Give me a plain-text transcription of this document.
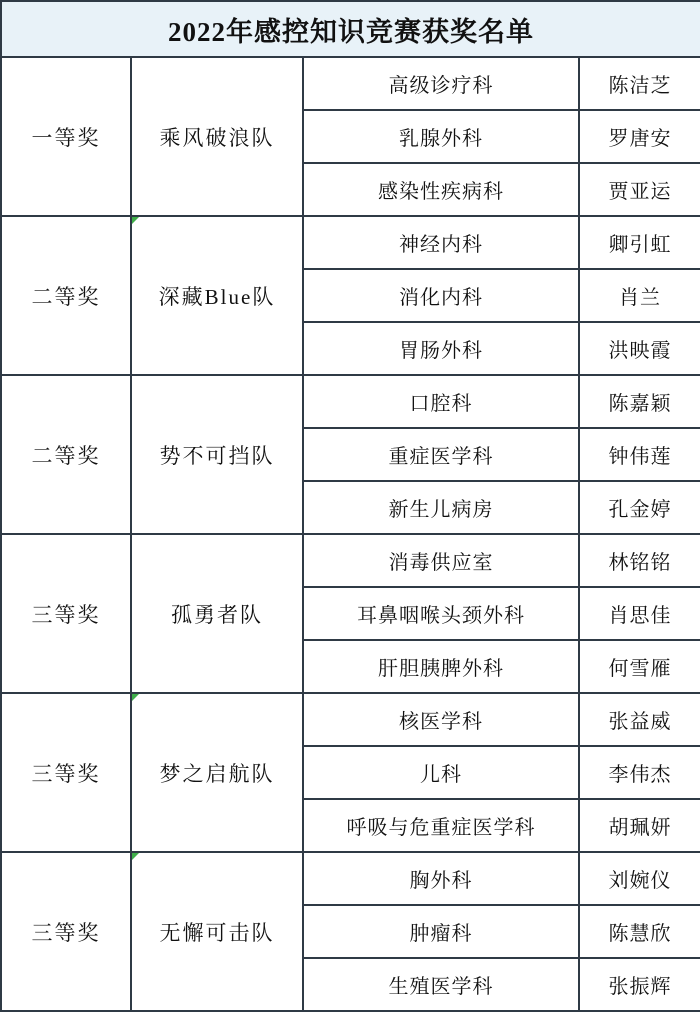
2022年感控知识竞赛获奖名单			
一等奖	乘风破浪队	高级诊疗科	陈洁芝
		乳腺外科	罗唐安
		感染性疾病科	贾亚运
二等奖	深藏Blue队	神经内科	卿引虹
		消化内科	肖兰
		胃肠外科	洪映霞
二等奖	势不可挡队	口腔科	陈嘉颖
		重症医学科	钟伟莲
		新生儿病房	孔金婷
三等奖	孤勇者队	消毒供应室	林铭铭
		耳鼻咽喉头颈外科	肖思佳
		肝胆胰脾外科	何雪雁
三等奖	梦之启航队	核医学科	张益威
		儿科	李伟杰
		呼吸与危重症医学科	胡珮妍
三等奖	无懈可击队	胸外科	刘婉仪
		肿瘤科	陈慧欣
		生殖医学科	张振辉
